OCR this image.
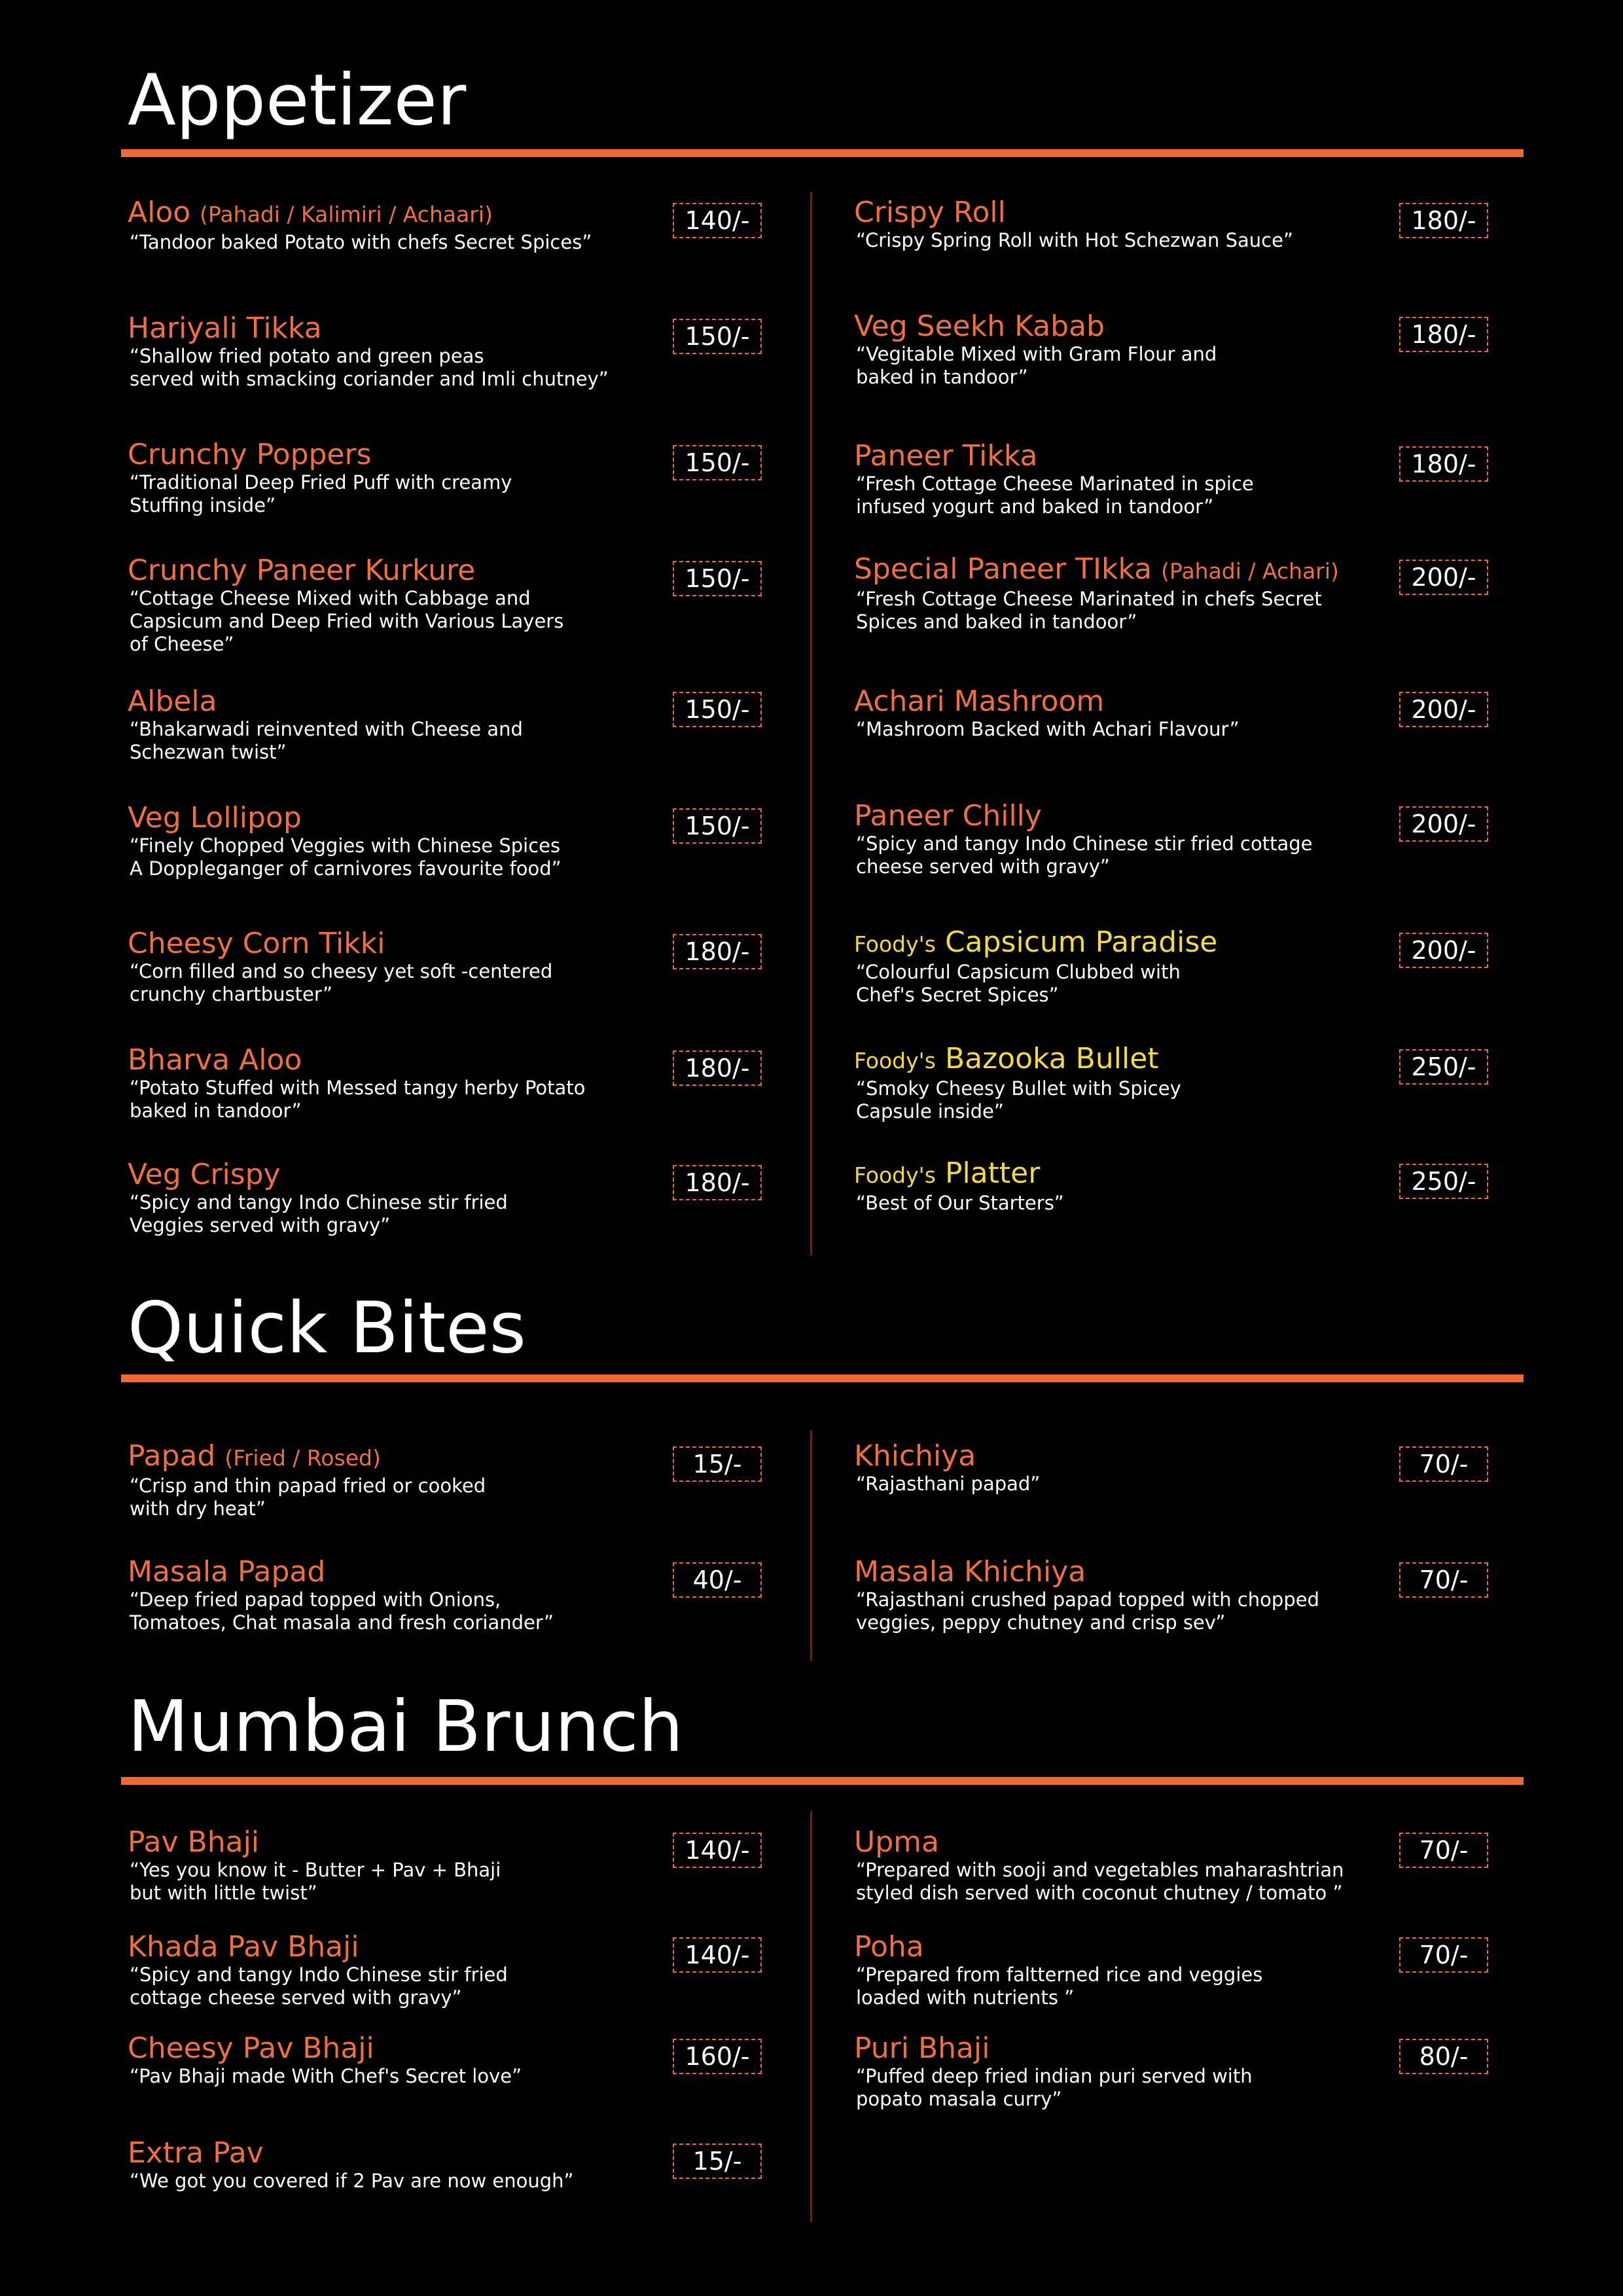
Appetizer
Aloo (Pahadi / Kalimiri / Achaari)
“Tandoor baked Potato with chefs Secret Spices”
140/-
Hariyali Tikka
“Shallow fried potato and green peas
served with smacking coriander and Imli chutney”
150/-
Crunchy Poppers
“Traditional Deep Fried Puff with creamy
Stuffing inside”
150/-
Crunchy Paneer Kurkure
“Cottage Cheese Mixed with Cabbage and
Capsicum and Deep Fried with Various Layers
of Cheese”
150/-
Albela
“Bhakarwadi reinvented with Cheese and
Schezwan twist”
150/-
Veg Lollipop
“Finely Chopped Veggies with Chinese Spices
A Doppleganger of carnivores favourite food”
150/-
Cheesy Corn Tikki
“Corn filled and so cheesy yet soft -centered
crunchy chartbuster”
180/-
Bharva Aloo
“Potato Stuffed with Messed tangy herby Potato
baked in tandoor”
180/-
Veg Crispy
“Spicy and tangy Indo Chinese stir fried
Veggies served with gravy”
180/-
Crispy Roll
“Crispy Spring Roll with Hot Schezwan Sauce”
180/-
Veg Seekh Kabab
“Vegitable Mixed with Gram Flour and
baked in tandoor”
180/-
Paneer Tikka
“Fresh Cottage Cheese Marinated in spice
infused yogurt and baked in tandoor”
180/-
Special Paneer TIkka (Pahadi / Achari)
“Fresh Cottage Cheese Marinated in chefs Secret
Spices and baked in tandoor”
200/-
Achari Mashroom
“Mashroom Backed with Achari Flavour”
200/-
Paneer Chilly
“Spicy and tangy Indo Chinese stir fried cottage
cheese served with gravy”
200/-
Foody's Capsicum Paradise
“Colourful Capsicum Clubbed with
Chef's Secret Spices”
200/-
Foody's Bazooka Bullet
“Smoky Cheesy Bullet with Spicey
Capsule inside”
250/-
Foody's Platter
“Best of Our Starters”
250/-
Quick Bites
Papad (Fried / Rosed)
“Crisp and thin papad fried or cooked
with dry heat”
15/-
Masala Papad
“Deep fried papad topped with Onions,
Tomatoes, Chat masala and fresh coriander”
40/-
Khichiya
“Rajasthani papad”
70/-
Masala Khichiya
“Rajasthani crushed papad topped with chopped
veggies, peppy chutney and crisp sev”
70/-
Mumbai Brunch
Pav Bhaji
“Yes you know it - Butter + Pav + Bhaji
but with little twist”
140/-
Khada Pav Bhaji
“Spicy and tangy Indo Chinese stir fried
cottage cheese served with gravy”
140/-
Cheesy Pav Bhaji
“Pav Bhaji made With Chef's Secret love”
160/-
Extra Pav
“We got you covered if 2 Pav are now enough”
15/-
Upma
“Prepared with sooji and vegetables maharashtrian
styled dish served with coconut chutney / tomato ”
70/-
Poha
“Prepared from faltterned rice and veggies
loaded with nutrients ”
70/-
Puri Bhaji
“Puffed deep fried indian puri served with
popato masala curry”
80/-
